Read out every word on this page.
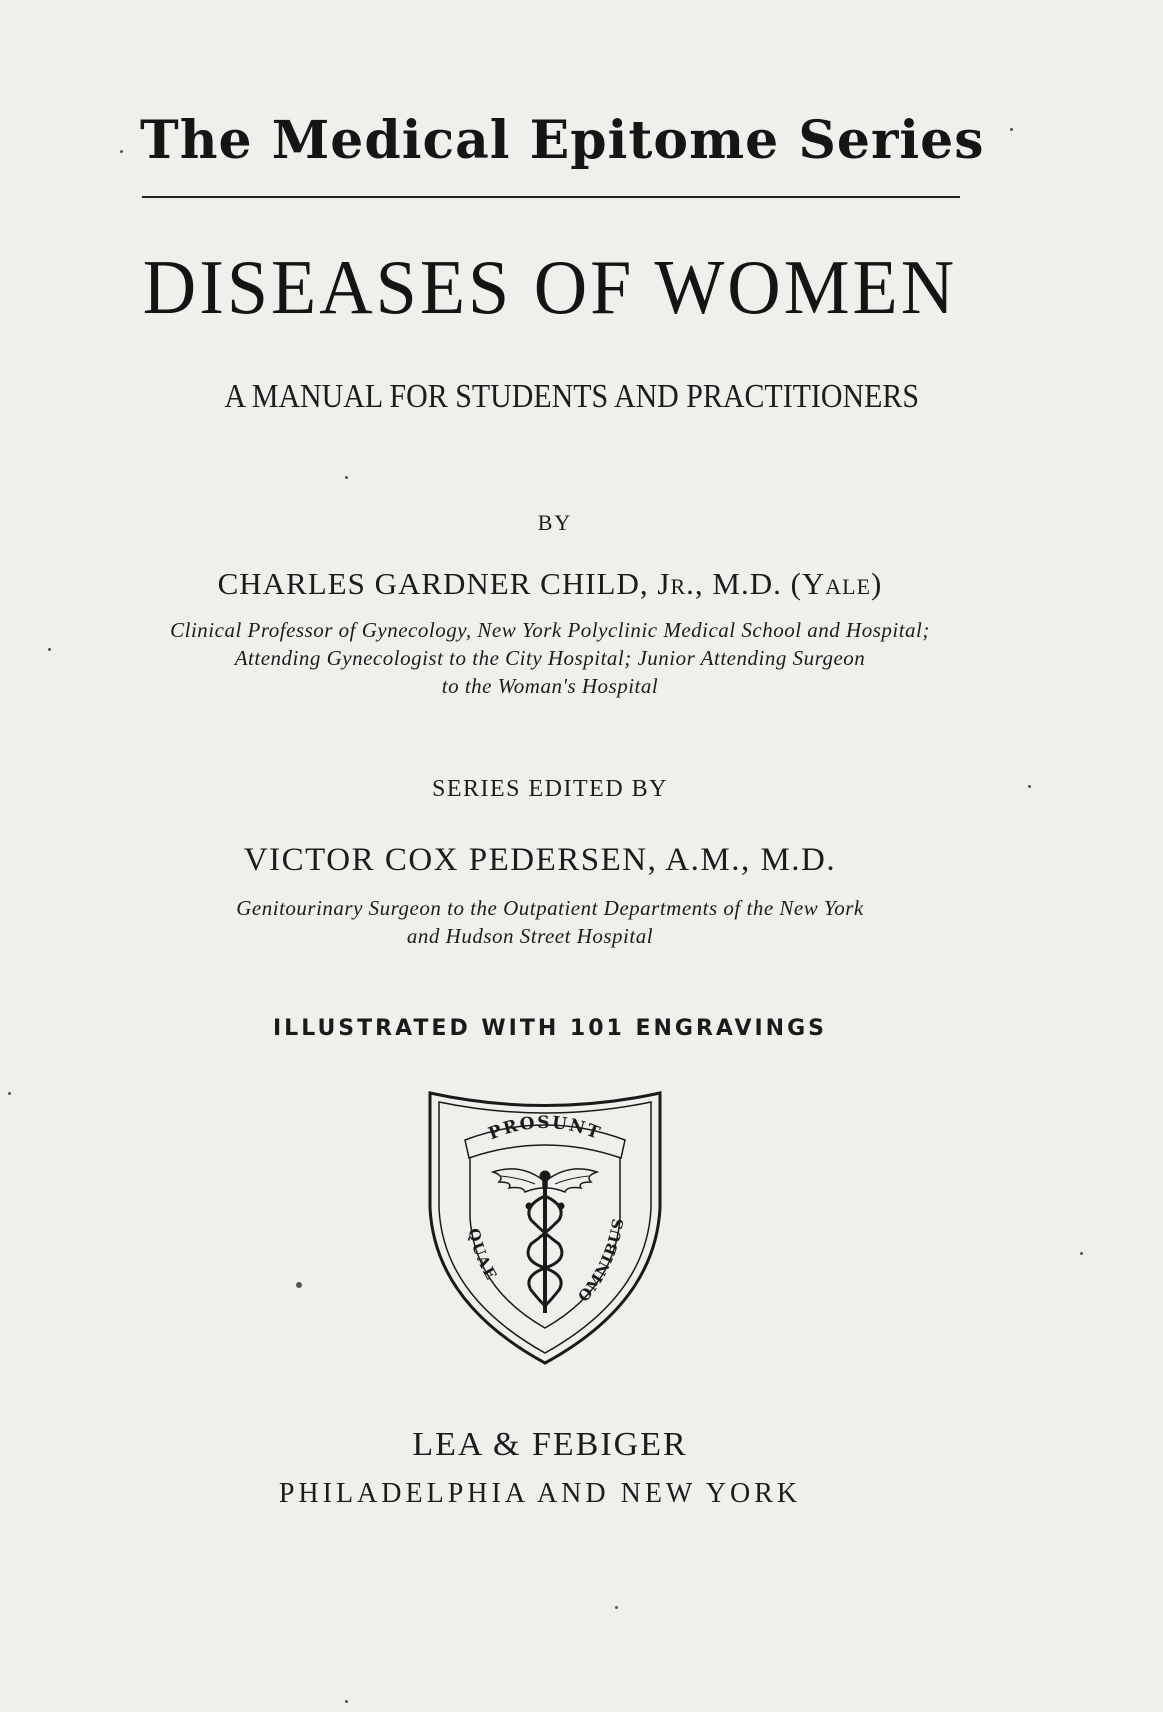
The Medical Epitome Series
DISEASES OF WOMEN
A MANUAL FOR STUDENTS AND PRACTITIONERS
BY
CHARLES GARDNER CHILD, Jr., M.D. (Yale)
Clinical Professor of Gynecology, New York Polyclinic Medical School and Hospital;
Attending Gynecologist to the City Hospital; Junior Attending Surgeon
to the Woman's Hospital
SERIES EDITED BY
VICTOR COX PEDERSEN, A.M., M.D.
Genitourinary Surgeon to the Outpatient Departments of the New York
and Hudson Street Hospital
ILLUSTRATED WITH 101 ENGRAVINGS
PROSUNT
QUAE
OMNIBUS
LEA & FEBIGER
PHILADELPHIA AND NEW YORK
